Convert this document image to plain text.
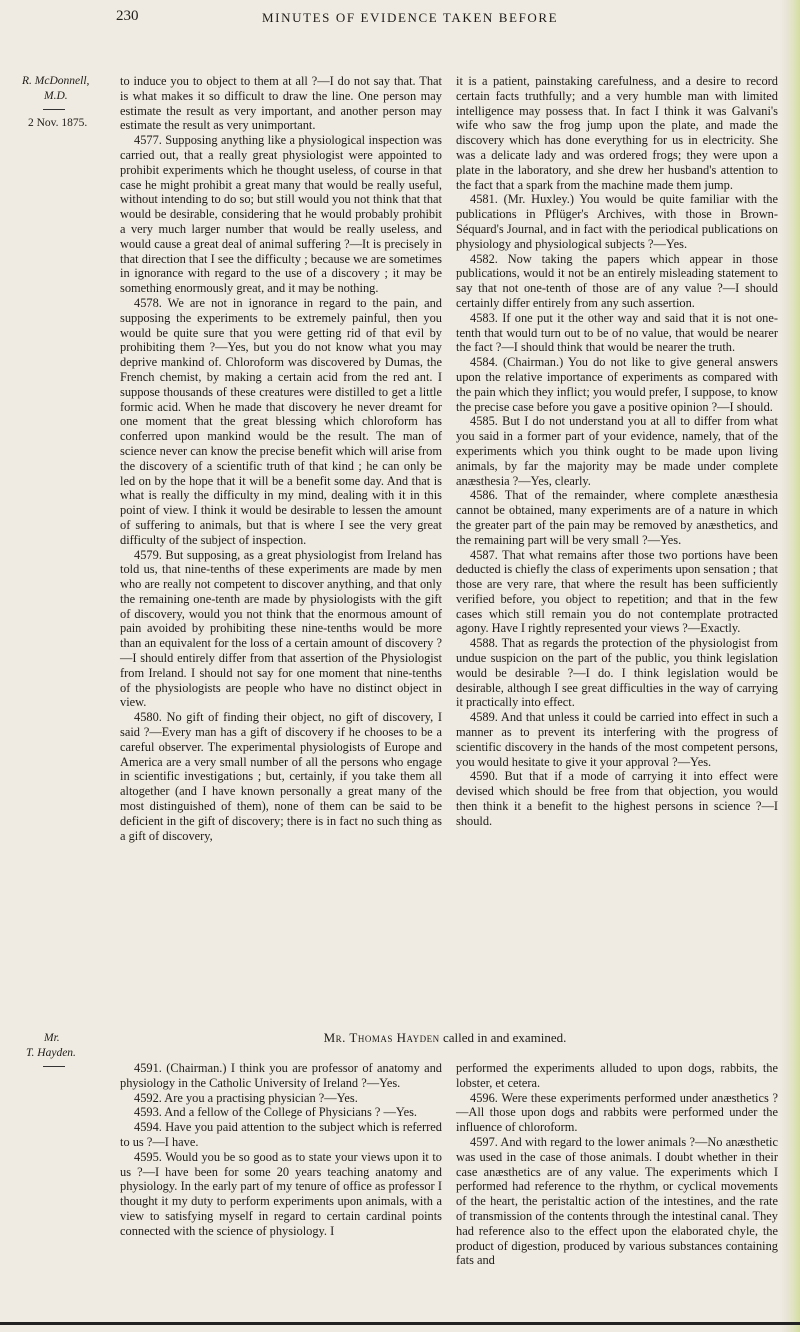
230	MINUTES OF EVIDENCE TAKEN BEFORE
R. McDonnell,
M.D.
2 Nov. 1875.

to induce you to object to them at all ?—I do not say that. That is what makes it so difficult to draw the line. One person may estimate the result as very important, and another person may estimate the result as very unimportant.

4577. Supposing anything like a physiological inspection was carried out, that a really great physiologist were appointed to prohibit experiments which he thought useless, of course in that case he might prohibit a great many that would be really useful, without intending to do so; but still would you not think that that would be desirable, considering that he would probably prohibit a very much larger number that would be really useless, and would cause a great deal of animal suffering ?—It is precisely in that direction that I see the difficulty ; because we are sometimes in ignorance with regard to the use of a discovery ; it may be something enormously great, and it may be nothing.

4578. We are not in ignorance in regard to the pain, and supposing the experiments to be extremely painful, then you would be quite sure that you were getting rid of that evil by prohibiting them ?—Yes, but you do not know what you may deprive mankind of. Chloroform was discovered by Dumas, the French chemist, by making a certain acid from the red ant. I suppose thousands of these creatures were distilled to get a little formic acid. When he made that discovery he never dreamt for one moment that the great blessing which chloroform has conferred upon mankind would be the result. The man of science never can know the precise benefit which will arise from the discovery of a scientific truth of that kind ; he can only be led on by the hope that it will be a benefit some day. And that is what is really the difficulty in my mind, dealing with it in this point of view. I think it would be desirable to lessen the amount of suffering to animals, but that is where I see the very great difficulty of the subject of inspection.

4579. But supposing, as a great physiologist from Ireland has told us, that nine-tenths of these experiments are made by men who are really not competent to discover anything, and that only the remaining one-tenth are made by physiologists with the gift of discovery, would you not think that the enormous amount of pain avoided by prohibiting these nine-tenths would be more than an equivalent for the loss of a certain amount of discovery ?—I should entirely differ from that assertion of the Physiologist from Ireland. I should not say for one moment that nine-tenths of the physiologists are people who have no distinct object in view.

4580. No gift of finding their object, no gift of discovery, I said ?—Every man has a gift of discovery if he chooses to be a careful observer. The experimental physiologists of Europe and America are a very small number of all the persons who engage in scientific investigations ; but, certainly, if you take them all altogether (and I have known personally a great many of the most distinguished of them), none of them can be said to be deficient in the gift of discovery; there is in fact no such thing as a gift of discovery,

it is a patient, painstaking carefulness, and a desire to record certain facts truthfully; and a very humble man with limited intelligence may possess that. In fact I think it was Galvani's wife who saw the frog jump upon the plate, and made the discovery which has done everything for us in electricity. She was a delicate lady and was ordered frogs; they were upon a plate in the laboratory, and she drew her husband's attention to the fact that a spark from the machine made them jump.

4581. (Mr. Huxley.) You would be quite familiar with the publications in Pflüger's Archives, with those in Brown-Séquard's Journal, and in fact with the periodical publications on physiology and physiological subjects ?—Yes.

4582. Now taking the papers which appear in those publications, would it not be an entirely misleading statement to say that not one-tenth of those are of any value ?—I should certainly differ entirely from any such assertion.

4583. If one put it the other way and said that it is not one-tenth that would turn out to be of no value, that would be nearer the fact ?—I should think that would be nearer the truth.

4584. (Chairman.) You do not like to give general answers upon the relative importance of experiments as compared with the pain which they inflict; you would prefer, I suppose, to know the precise case before you gave a positive opinion ?—I should.

4585. But I do not understand you at all to differ from what you said in a former part of your evidence, namely, that of the experiments which you think ought to be made upon living animals, by far the majority may be made under complete anæsthesia ?—Yes, clearly.

4586. That of the remainder, where complete anæsthesia cannot be obtained, many experiments are of a nature in which the greater part of the pain may be removed by anæsthetics, and the remaining part will be very small ?—Yes.

4587. That what remains after those two portions have been deducted is chiefly the class of experiments upon sensation ; that those are very rare, that where the result has been sufficiently verified before, you object to repetition; and that in the few cases which still remain you do not contemplate protracted agony. Have I rightly represented your views ?—Exactly.

4588. That as regards the protection of the physiologist from undue suspicion on the part of the public, you think legislation would be desirable ?—I do. I think legislation would be desirable, although I see great difficulties in the way of carrying it practically into effect.

4589. And that unless it could be carried into effect in such a manner as to prevent its interfering with the progress of scientific discovery in the hands of the most competent persons, you would hesitate to give it your approval ?—Yes.

4590. But that if a mode of carrying it into effect were devised which should be free from that objection, you would then think it a benefit to the highest persons in science ?—I should.

Mr. Thomas Hayden called in and examined.
Mr.
T. Hayden.

4591. (Chairman.) I think you are professor of anatomy and physiology in the Catholic University of Ireland ?—Yes.

4592. Are you a practising physician ?—Yes.

4593. And a fellow of the College of Physicians ? —Yes.

4594. Have you paid attention to the subject which is referred to us ?—I have.

4595. Would you be so good as to state your views upon it to us ?—I have been for some 20 years teaching anatomy and physiology. In the early part of my tenure of office as professor I thought it my duty to perform experiments upon animals, with a view to satisfying myself in regard to certain cardinal points connected with the science of physiology. I

performed the experiments alluded to upon dogs, rabbits, the lobster, et cetera.

4596. Were these experiments performed under anæsthetics ?—All those upon dogs and rabbits were performed under the influence of chloroform.

4597. And with regard to the lower animals ?—No anæsthetic was used in the case of those animals. I doubt whether in their case anæsthetics are of any value. The experiments which I performed had reference to the rhythm, or cyclical movements of the heart, the peristaltic action of the intestines, and the rate of transmission of the contents through the intestinal canal. They had reference also to the effect upon the elaborated chyle, the product of digestion, produced by various substances containing fats and
